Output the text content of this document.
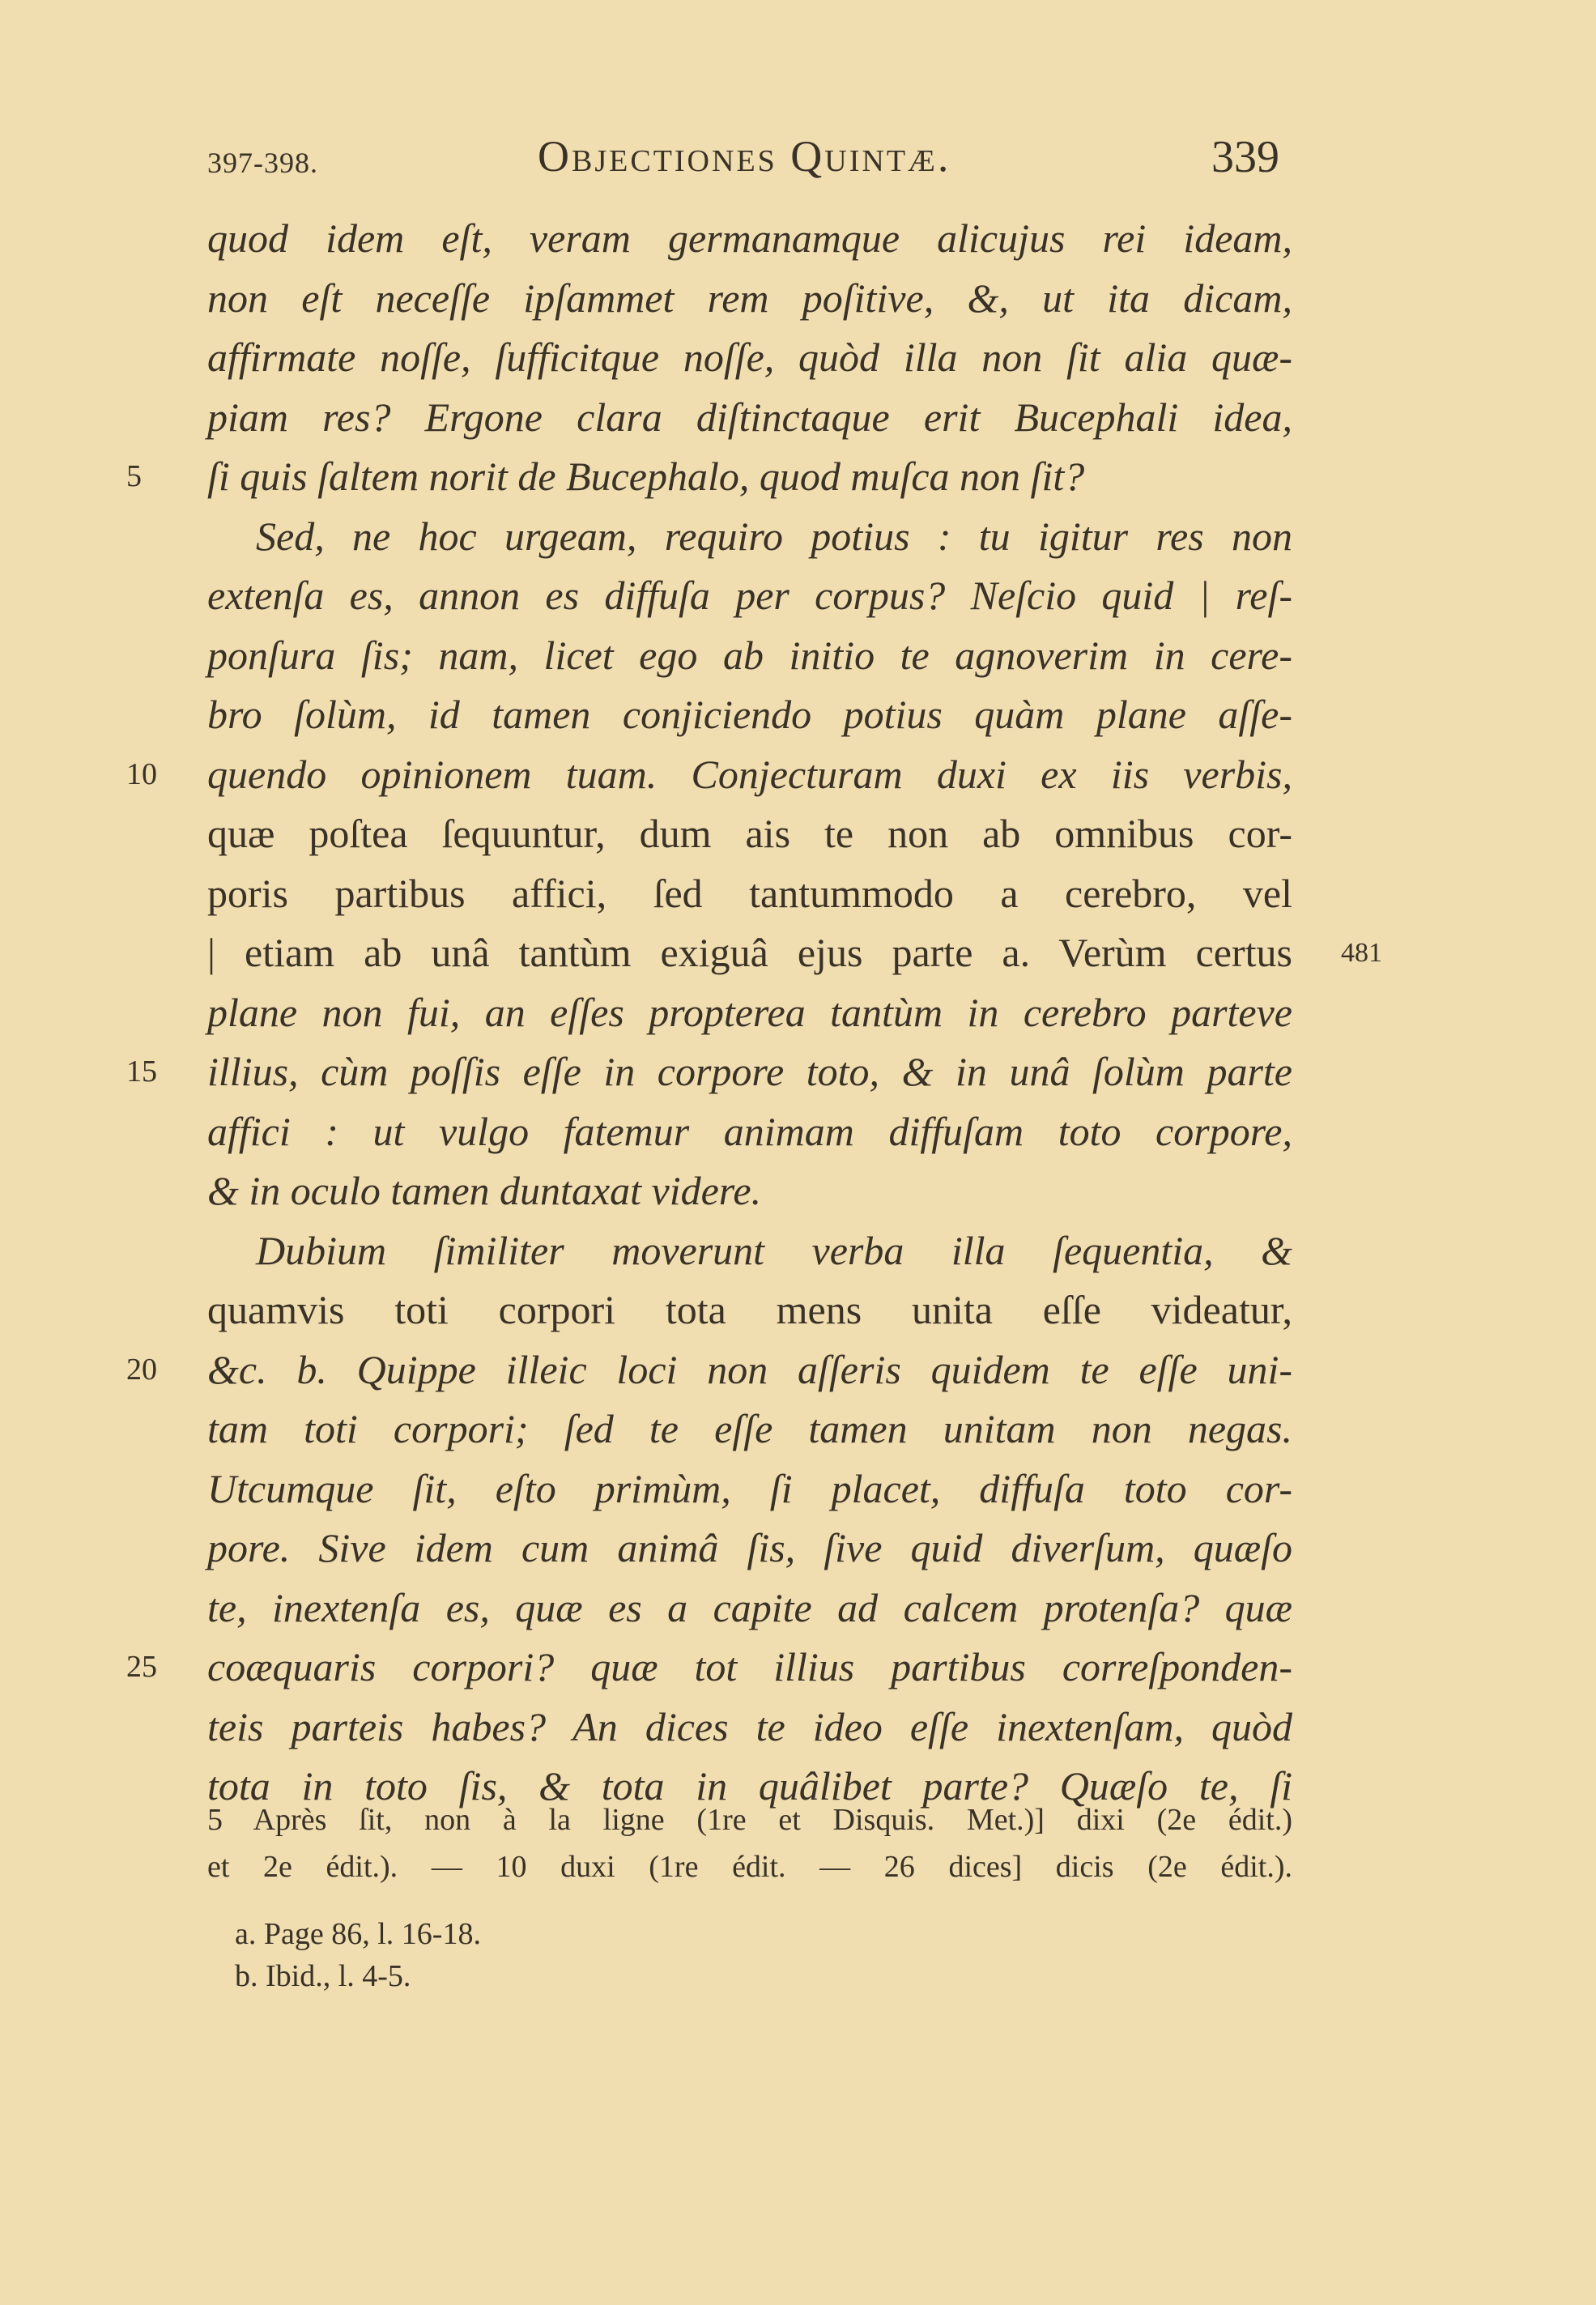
397-398.	Objectiones Quintæ.	339
quod idem eſt, veram germanamque alicujus rei ideam,
non eſt neceſſe ipſammet rem poſitive, &, ut ita dicam,
affirmate noſſe, ſufficitque noſſe, quòd illa non ſit alia quæ-
piam res? Ergone clara diſtinctaque erit Bucephali idea,
5	ſi quis ſaltem norit de Bucephalo, quod muſca non ſit?
Sed, ne hoc urgeam, requiro potius : tu igitur res non
extenſa es, annon es diffuſa per corpus? Neſcio quid | reſ-
ponſura ſis; nam, licet ego ab initio te agnoverim in cere-
bro ſolùm, id tamen conjiciendo potius quàm plane aſſe-
10	quendo opinionem tuam. Conjecturam duxi ex iis verbis,
quæ poſtea ſequuntur, dum ais te non ab omnibus cor-
poris partibus affici, ſed tantummodo a cerebro, vel
| etiam ab unâ tantùm exiguâ ejus parte a. Verùm certus 481
plane non fui, an eſſes propterea tantùm in cerebro parteve
15	illius, cùm poſſis eſſe in corpore toto, & in unâ ſolùm parte
affici : ut vulgo fatemur animam diffuſam toto corpore,
& in oculo tamen duntaxat videre.
Dubium ſimiliter moverunt verba illa ſequentia, &
quamvis toti corpori tota mens unita eſſe videatur,
20	&c. b. Quippe illeic loci non aſſeris quidem te eſſe uni-
tam toti corpori; ſed te eſſe tamen unitam non negas.
Utcumque ſit, eſto primùm, ſi placet, diffuſa toto cor-
pore. Sive idem cum animâ ſis, ſive quid diverſum, quæſo
te, inextenſa es, quæ es a capite ad calcem protenſa? quæ
25	coæquaris corpori? quæ tot illius partibus correſponden-
teis parteis habes? An dices te ideo eſſe inextenſam, quòd
tota in toto ſis, & tota in quâlibet parte? Quæſo te, ſi
5 Après ſit, non à la ligne (1re et Disquis. Met.)] dixi (2e édit.)
et 2e édit.). — 10 duxi (1re édit. — 26 dices] dicis (2e édit.).
a. Page 86, l. 16-18.
b. Ibid., l. 4-5.
